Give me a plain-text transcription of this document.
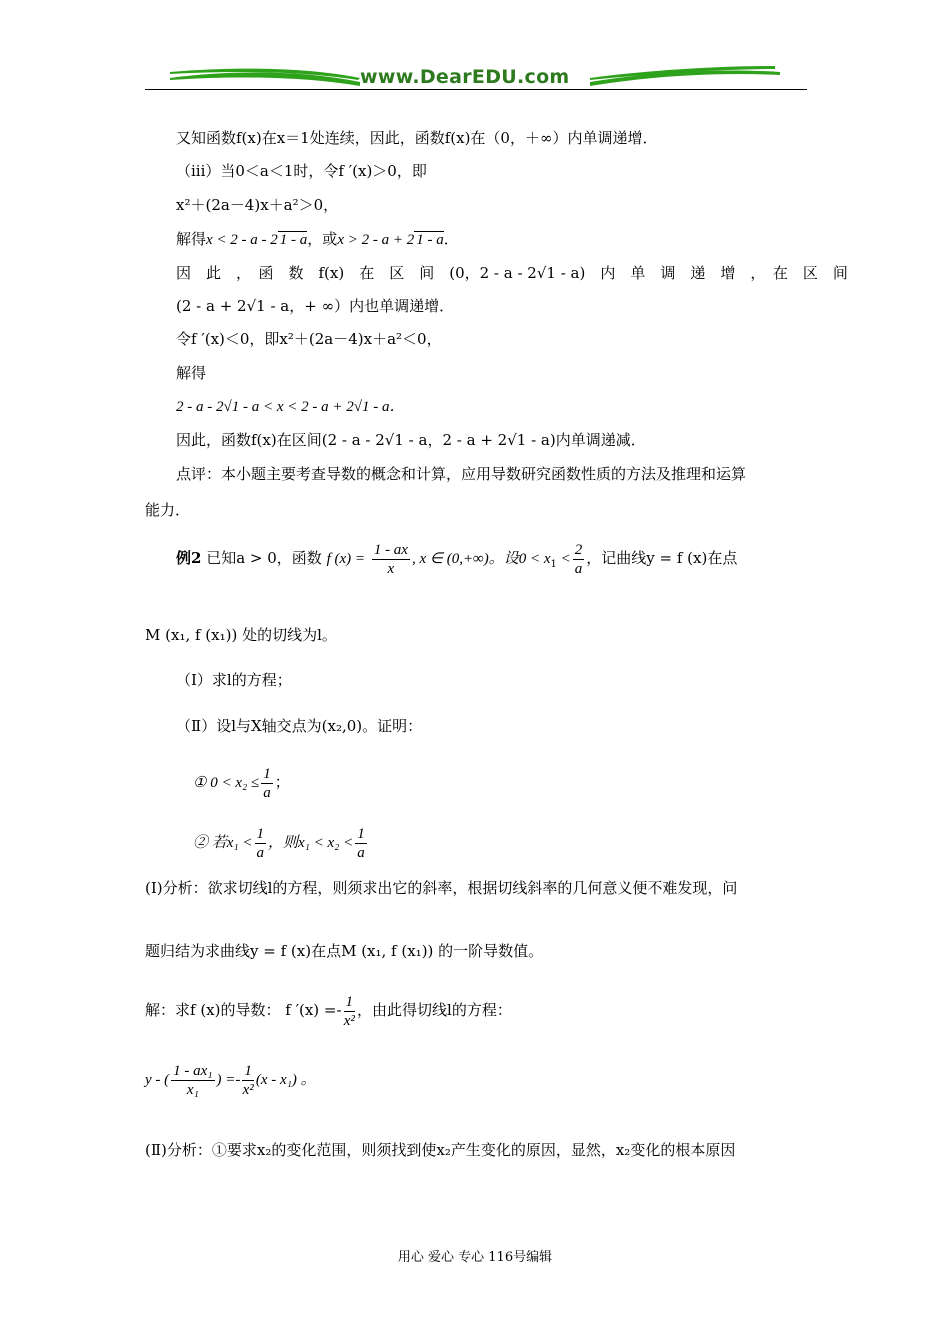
www.DearEDU.com
又知函数f(x)在x＝1处连续，因此，函数f(x)在（0，＋∞）内单调递增．
（iii）当0＜a＜1时，令f ′(x)＞0，即
x²＋(2a－4)x＋a²＞0，
解得x < 2 - a - 2 1 - a，或x > 2 - a + 2 1 - a．
因　此　，　函　数　f(x)　在　区　间　(0，2 - a - 2√1 - a)　内　单　调　递　增　，　在　区　间
(2 - a + 2√1 - a，+ ∞）内也单调递增．
令f ′(x)＜0，即x²＋(2a－4)x＋a²＜0，
解得
2 - a - 2√1 - a < x < 2 - a + 2√1 - a．
因此，函数f(x)在区间(2 - a - 2√1 - a，2 - a + 2√1 - a)内单调递减．
点评：本小题主要考查导数的概念和计算，应用导数研究函数性质的方法及推理和运算
能力．
例2 已知a > 0，函数 f $(x) = \frac{1 - ax}{x}$ , x ∈ (0,+∞)。设$0 < x_1 < \frac{2}{a}$ ，记曲线y = f (x)在点
M (x₁, f (x₁)) 处的切线为l。
（Ⅰ）求l的方程；
（Ⅱ）设l与X轴交点为(x₂,0)。证明：
① $0 < x_2 \le \frac{1}{a}$ ；
② 若$x_1 < \frac{1}{a}$ ，则$x_1 < x_2 < \frac{1}{a}$
(Ⅰ)分析：欲求切线l的方程，则须求出它的斜率，根据切线斜率的几何意义便不难发现，问
题归结为求曲线y = f (x)在点M (x₁, f (x₁)) 的一阶导数值。
解：求f (x)的导数： f $'(x) =- \frac{1}{\text{x²}}$ ，由此得切线l的方程：
y - ( $\frac{\text{1 - ax₁}}{\text{x₁}}$ ) =- $\frac{1}{\text{x²}} (x - x_1)$ 。
(Ⅱ)分析：①要求x₂的变化范围，则须找到使x₂产生变化的原因，显然，x₂变化的根本原因
用心 爱心 专心 116号编辑
